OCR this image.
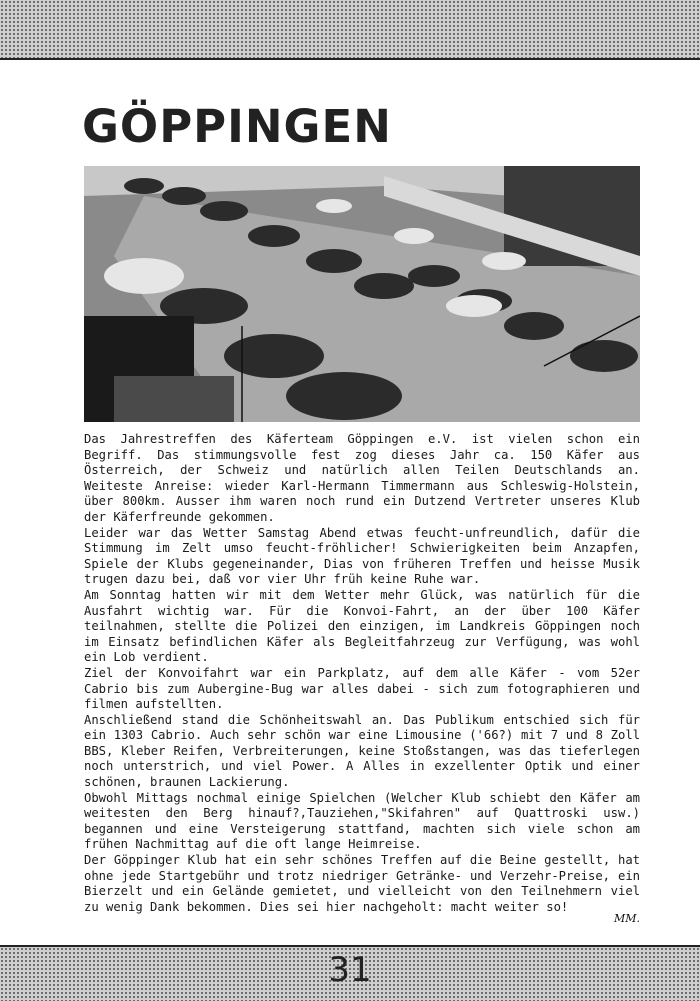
GÖPPINGEN

Das Jahrestreffen des Käferteam Göppingen e.V. ist vielen schon ein Begriff. Das stimmungsvolle fest zog dieses Jahr ca. 150 Käfer aus Österreich, der Schweiz und natürlich allen Teilen Deutschlands an. Weiteste Anreise: wieder Karl-Hermann Timmermann aus Schleswig-Holstein, über 800km. Ausser ihm waren noch rund ein Dutzend Vertreter unseres Klub der Käferfreunde gekommen.

Leider war das Wetter Samstag Abend etwas feucht-unfreundlich, dafür die Stimmung im Zelt umso feucht-fröhlicher! Schwierigkeiten beim Anzapfen, Spiele der Klubs gegeneinander, Dias von früheren Treffen und heisse Musik trugen dazu bei, daß vor vier Uhr früh keine Ruhe war.

Am Sonntag hatten wir mit dem Wetter mehr Glück, was natürlich für die Ausfahrt wichtig war. Für die Konvoi-Fahrt, an der über 100 Käfer teilnahmen, stellte die Polizei den einzigen, im Landkreis Göppingen noch im Einsatz befindlichen Käfer als Begleitfahrzeug zur Verfügung, was wohl ein Lob verdient.

Ziel der Konvoifahrt war ein Parkplatz, auf dem alle Käfer - vom 52er Cabrio bis zum Aubergine-Bug war alles dabei - sich zum fotographieren und filmen aufstellten.

Anschließend stand die Schönheitswahl an. Das Publikum entschied sich für ein 1303 Cabrio. Auch sehr schön war eine Limousine ('66?) mit 7 und 8 Zoll BBS, Kleber Reifen, Verbreiterungen, keine Stoßstangen, was das tieferlegen noch unterstrich, und viel Power. A Alles in exzellenter Optik und einer schönen, braunen Lackierung.

Obwohl Mittags nochmal einige Spielchen (Welcher Klub schiebt den Käfer am weitesten den Berg hinauf?,Tauziehen,"Skifahren" auf Quattroski usw.) begannen und eine Versteigerung stattfand, machten sich viele schon am frühen Nachmittag auf die oft lange Heimreise.

Der Göppinger Klub hat ein sehr schönes Treffen auf die Beine gestellt, hat ohne jede Startgebühr und trotz niedriger Getränke- und Verzehr-Preise, ein Bierzelt und ein Gelände gemietet, und vielleicht von den Teilnehmern viel zu wenig Dank bekommen. Dies sei hier nachgeholt: macht weiter so!

MM.
31
